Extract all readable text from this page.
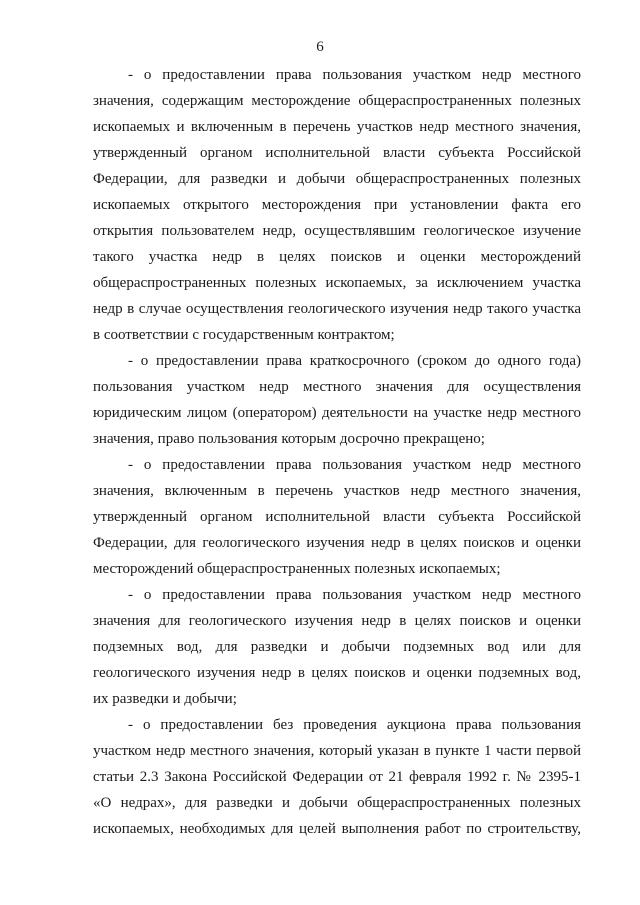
6
- о предоставлении права пользования участком недр местного
значения, содержащим месторождение общераспространенных полезных
ископаемых и включенным в перечень участков недр местного значения,
утвержденный органом исполнительной власти субъекта Российской
Федерации, для разведки и добычи общераспространенных полезных
ископаемых открытого месторождения при установлении факта его
открытия пользователем недр, осуществлявшим геологическое изучение
такого участка недр в целях поисков и оценки месторождений
общераспространенных полезных ископаемых, за исключением участка
недр в случае осуществления геологического изучения недр такого участка
в соответствии с государственным контрактом;
- о предоставлении права краткосрочного (сроком до одного года)
пользования участком недр местного значения для осуществления
юридическим лицом (оператором) деятельности на участке недр местного
значения, право пользования которым досрочно прекращено;
- о предоставлении права пользования участком недр местного
значения, включенным в перечень участков недр местного значения,
утвержденный органом исполнительной власти субъекта Российской
Федерации, для геологического изучения недр в целях поисков и оценки
месторождений общераспространенных полезных ископаемых;
- о предоставлении права пользования участком недр местного
значения для геологического изучения недр в целях поисков и оценки
подземных вод, для разведки и добычи подземных вод или для
геологического изучения недр в целях поисков и оценки подземных вод,
их разведки и добычи;
- о предоставлении без проведения аукциона права пользования
участком недр местного значения, который указан в пункте 1 части первой
статьи 2.3 Закона Российской Федерации от 21 февраля 1992 г. № 2395-1
«О недрах», для разведки и добычи общераспространенных полезных
ископаемых, необходимых для целей выполнения работ по строительству,
